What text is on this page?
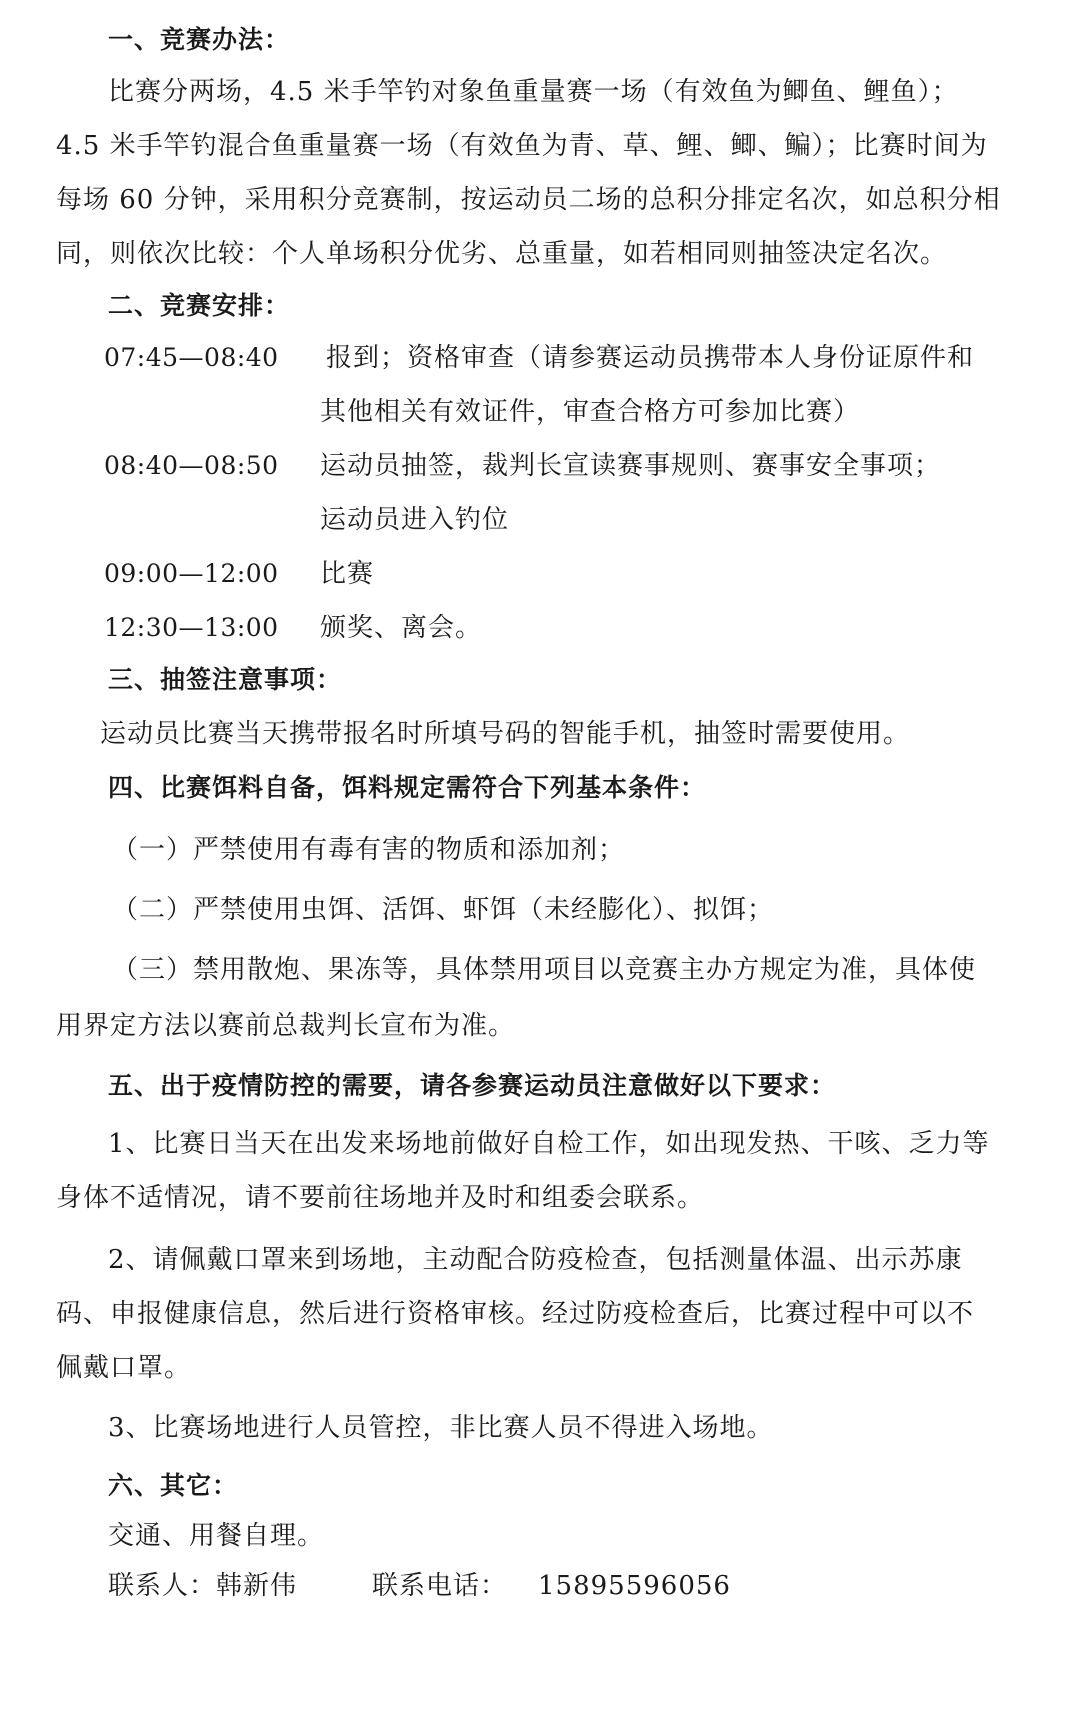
一、竞赛办法：
比赛分两场，4.5 米手竿钓对象鱼重量赛一场（有效鱼为鲫鱼、鲤鱼）；
4.5 米手竿钓混合鱼重量赛一场（有效鱼为青、草、鲤、鲫、鳊）；比赛时间为
每场 60 分钟，采用积分竞赛制，按运动员二场的总积分排定名次，如总积分相
同，则依次比较：个人单场积分优劣、总重量，如若相同则抽签决定名次。
二、竞赛安排：
07:45—08:40 报到；资格审查（请参赛运动员携带本人身份证原件和
其他相关有效证件，审查合格方可参加比赛）
08:40—08:50 运动员抽签，裁判长宣读赛事规则、赛事安全事项；
运动员进入钓位
09:00—12:00 比赛
12:30—13:00 颁奖、离会。
三、抽签注意事项：
运动员比赛当天携带报名时所填号码的智能手机，抽签时需要使用。
四、比赛饵料自备，饵料规定需符合下列基本条件：
（一）严禁使用有毒有害的物质和添加剂；
（二）严禁使用虫饵、活饵、虾饵（未经膨化）、拟饵；
（三）禁用散炮、果冻等，具体禁用项目以竞赛主办方规定为准，具体使
用界定方法以赛前总裁判长宣布为准。
五、出于疫情防控的需要，请各参赛运动员注意做好以下要求：
1、比赛日当天在出发来场地前做好自检工作，如出现发热、干咳、乏力等
身体不适情况，请不要前往场地并及时和组委会联系。
2、请佩戴口罩来到场地，主动配合防疫检查，包括测量体温、出示苏康
码、申报健康信息，然后进行资格审核。经过防疫检查后，比赛过程中可以不
佩戴口罩。
3、比赛场地进行人员管控，非比赛人员不得进入场地。
六、其它：
交通、用餐自理。
联系人：韩新伟	联系电话： 15895596056
